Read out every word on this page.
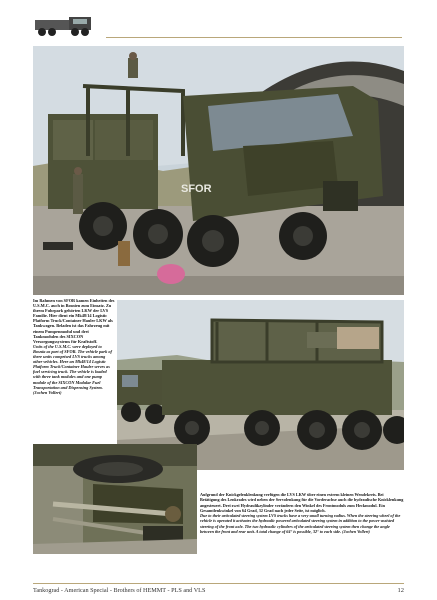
SFOR
Im Rahmen von SFOR kamen Einheiten des U.S.M.C. auch in Bosnien zum Einsatz. Zu ihrem Fuhrpark gehörten LKW der LVS Familie. Hier dient ein Mk48/14 Logistic Platform Truck/Container Hauler LKW als Tankwagen. Beladen ist das Fahrzeug mit einem Pumpenmodul und drei Tankmodulen des SIXCON Versorgungssystems für Kraftstoff.
Units of the U.S.M.C. were deployed to Bosnia as part of SFOR. The vehicle park of there units comprised LVS trucks among other vehicles. Here an Mk48/14 Logistic Platform Truck/Container Hauler serves as fuel servicing truck. The vehicle is loaded with three tank modules and one pump module of the SIXCON Modular Fuel Transportation and Dispensing System. (Jochen Vollert)
Aufgrund der Knickgelenklenkung verfügen die LVS LKW über einen extrem kleinen Wendekreis. Bei Betätigung des Lenkrades wird neben der Servolenkung für die Vorderachse auch die hydraulische Knicklenkung angesteuert. Drei zwei Hydraulikzylinder verändern den Winkel des Frontmoduls zum Heckmodul. Ein Gesamtlenkwinkel von 64 Grad, 32 Grad nach jeder Seite, ist möglich.
Due to their articulated steering system LVS trucks have a very small turning radius. When the steering wheel of the vehicle is operated it activates the hydraulic powered articulated steering system in addition to the power-assisted steering of the front axle. The two hydraulic cylinders of the articulated steering system then change the angle between the front and rear unit. A total change of 64° is possible, 32° to each side. (Jochen Vollert)
Tankograd - American Special - Brothers of HEMMT - PLS and VLS	12
